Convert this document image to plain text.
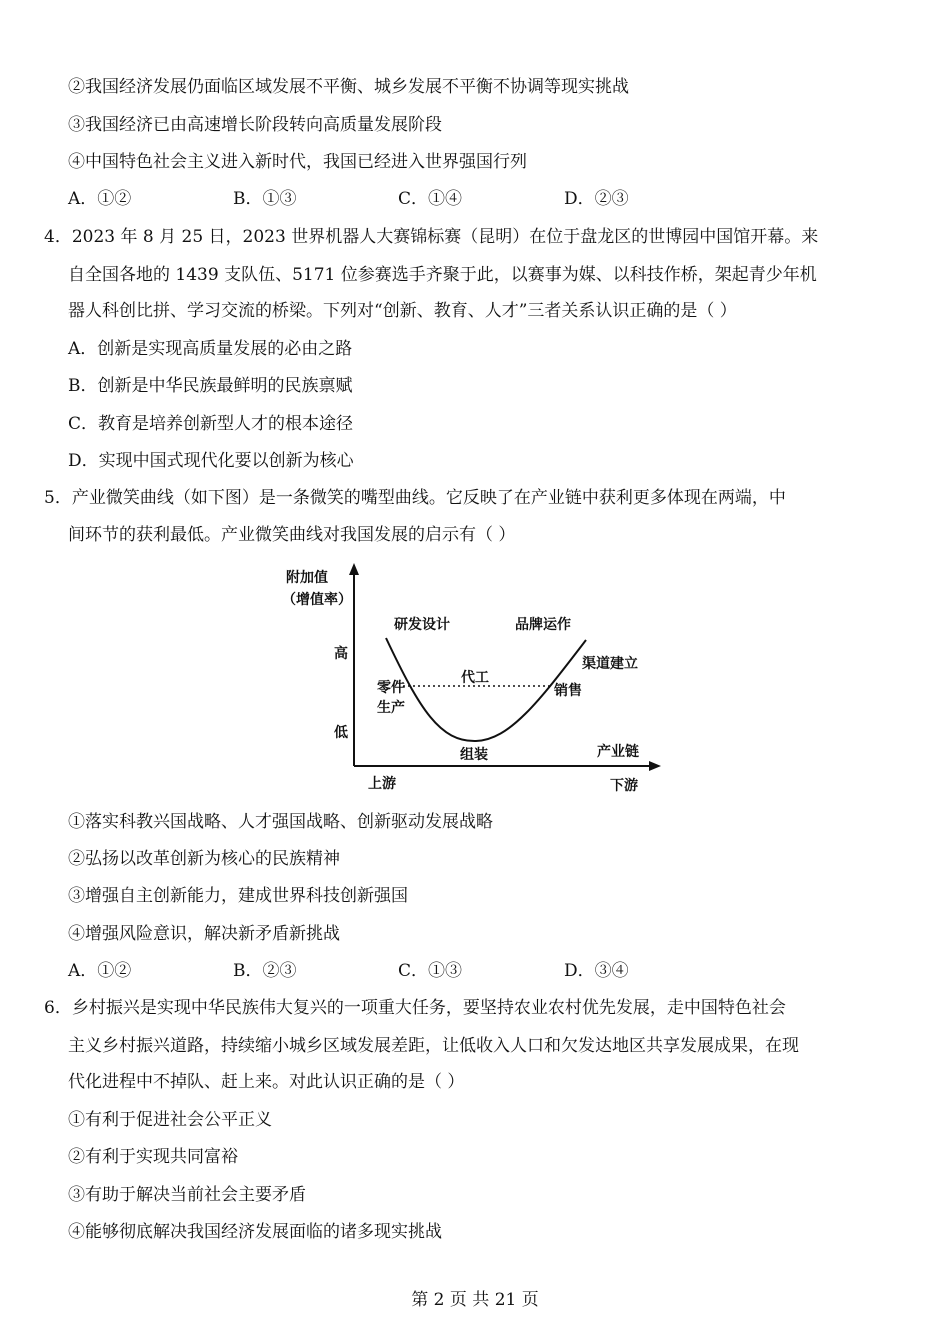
②我国经济发展仍面临区域发展不平衡、城乡发展不平衡不协调等现实挑战
③我国经济已由高速增长阶段转向高质量发展阶段
④中国特色社会主义进入新时代，我国已经进入世界强国行列
A．①②	B．①③	C．①④	D．②③
4．2023 年 8 月 25 日，2023 世界机器人大赛锦标赛（昆明）在位于盘龙区的世博园中国馆开幕。来
自全国各地的 1439 支队伍、5171 位参赛选手齐聚于此，以赛事为媒、以科技作桥，架起青少年机
器人科创比拼、学习交流的桥梁。下列对“创新、教育、人才”三者关系认识正确的是（ ）
A．创新是实现高质量发展的必由之路
B．创新是中华民族最鲜明的民族禀赋
C．教育是培养创新型人才的根本途径
D．实现中国式现代化要以创新为核心
5．产业微笑曲线（如下图）是一条微笑的嘴型曲线。它反映了在产业链中获利更多体现在两端，中
间环节的获利最低。产业微笑曲线对我国发展的启示有（ ）
附加值
（增值率）
高
低
研发设计	品牌运作
渠道建立
代工
零件
生产
销售
组装	产业链
上游	下游
①落实科教兴国战略、人才强国战略、创新驱动发展战略
②弘扬以改革创新为核心的民族精神
③增强自主创新能力，建成世界科技创新强国
④增强风险意识，解决新矛盾新挑战
A．①②	B．②③	C．①③	D．③④
6．乡村振兴是实现中华民族伟大复兴的一项重大任务，要坚持农业农村优先发展，走中国特色社会
主义乡村振兴道路，持续缩小城乡区域发展差距，让低收入人口和欠发达地区共享发展成果，在现
代化进程中不掉队、赶上来。对此认识正确的是（ ）
①有利于促进社会公平正义
②有利于实现共同富裕
③有助于解决当前社会主要矛盾
④能够彻底解决我国经济发展面临的诸多现实挑战
第 2 页 共 21 页
